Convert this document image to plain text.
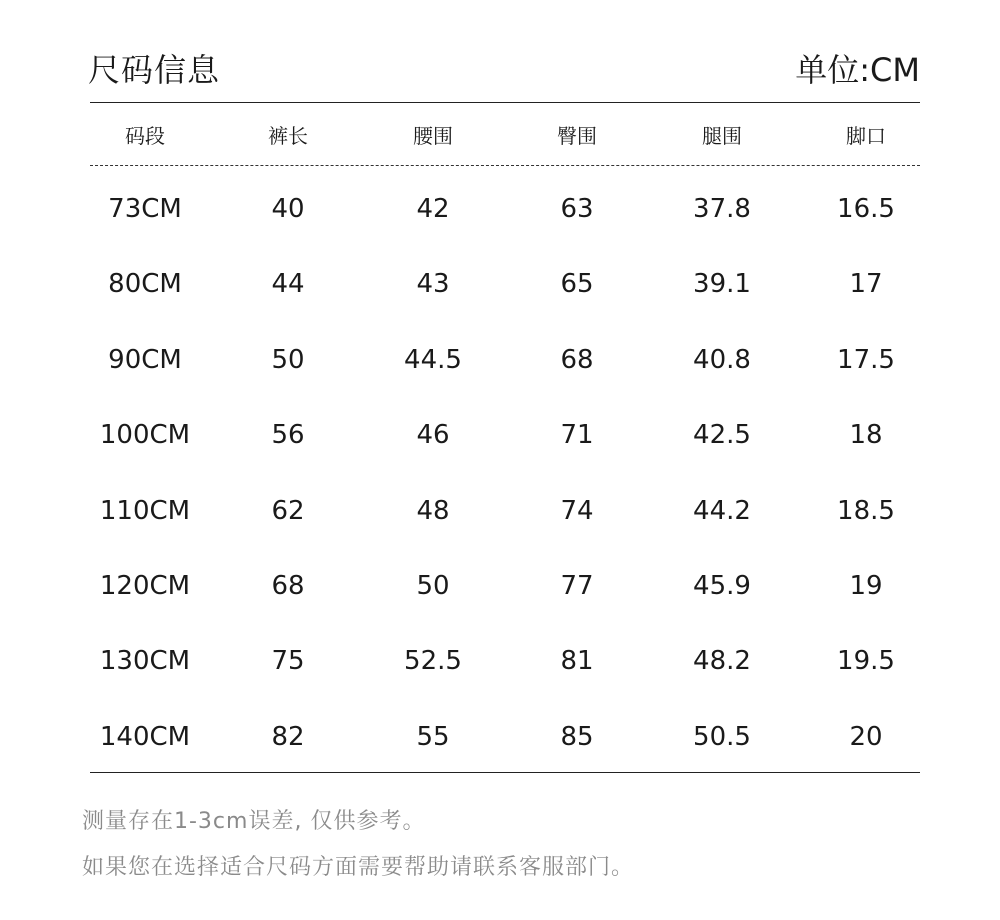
尺码信息	单位:CM
码段	裤长	腰围	臀围	腿围	脚口
73CM	40	42	63	37.8	16.5
80CM	44	43	65	39.1	17
90CM	50	44.5	68	40.8	17.5
100CM	56	46	71	42.5	18
110CM	62	48	74	44.2	18.5
120CM	68	50	77	45.9	19
130CM	75	52.5	81	48.2	19.5
140CM	82	55	85	50.5	20
测量存在1-3cm误差, 仅供参考。
如果您在选择适合尺码方面需要帮助请联系客服部门。
